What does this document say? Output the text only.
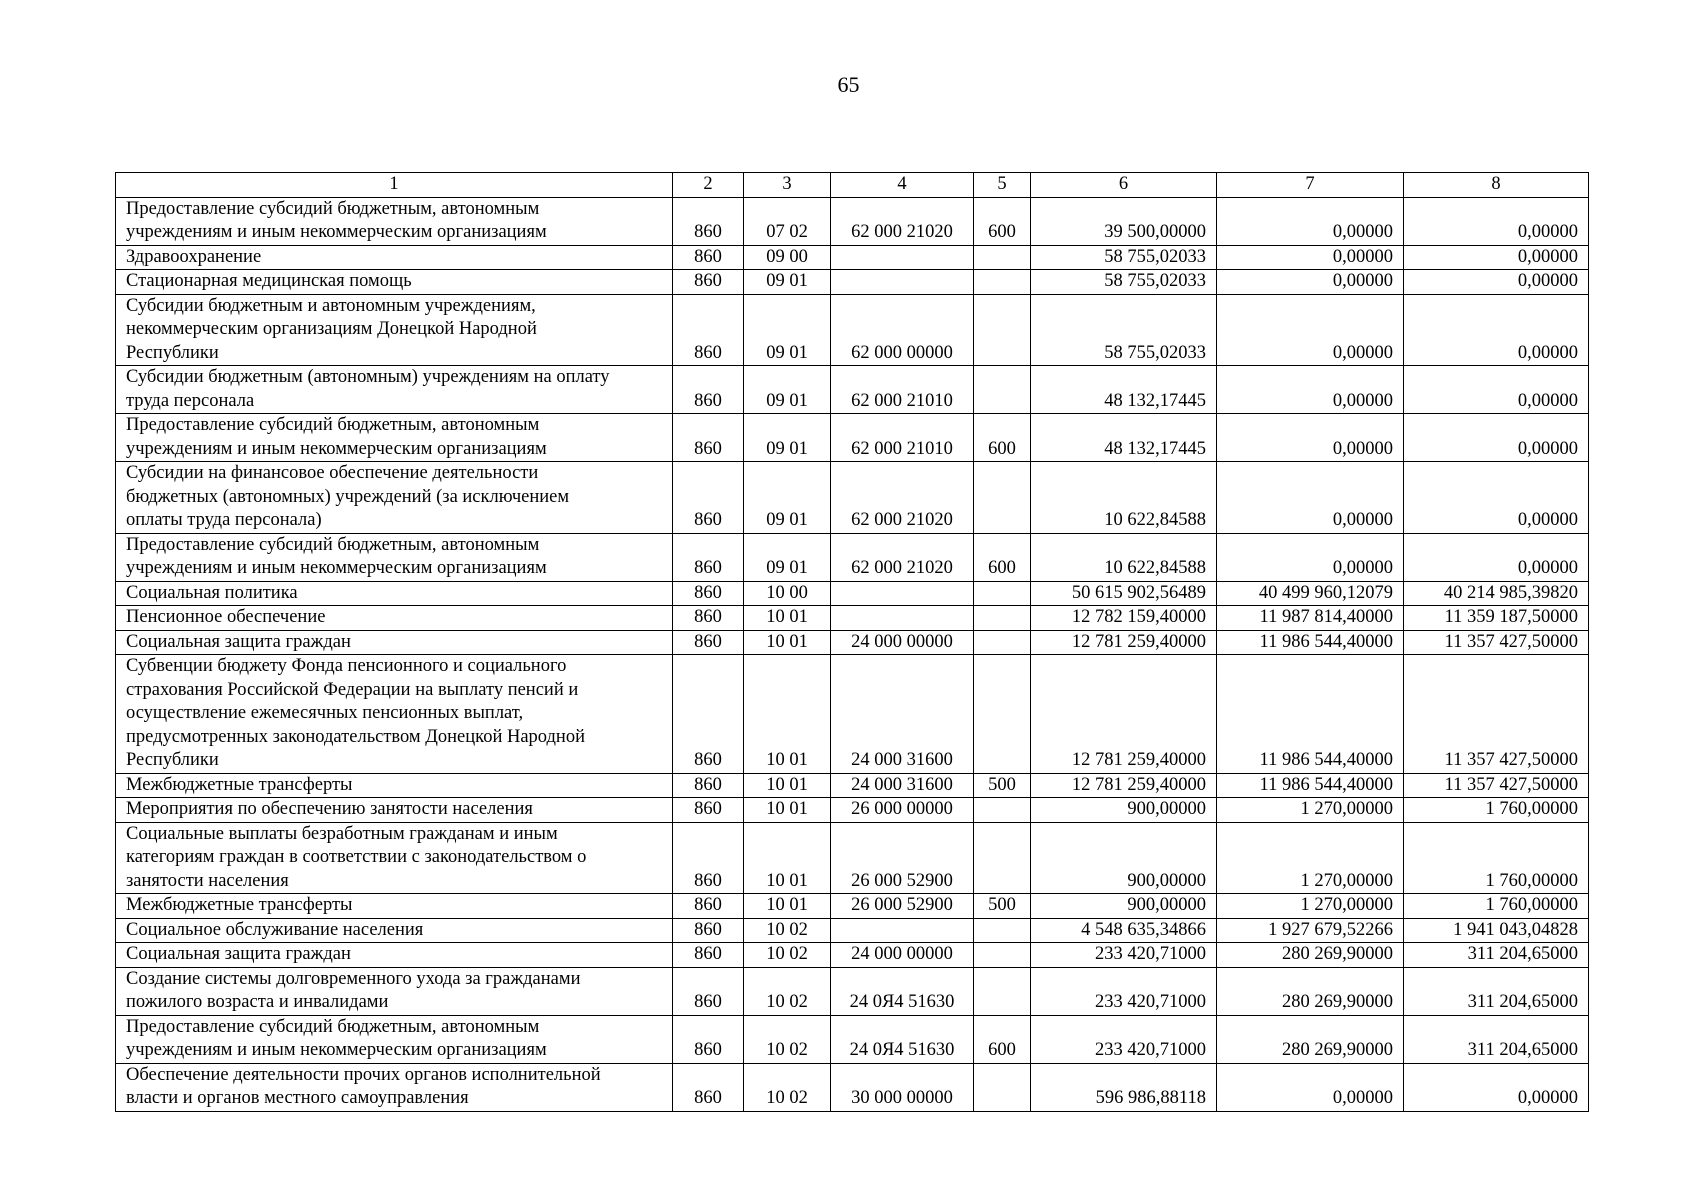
65
1	2	3	4	5	6	7	8

Предоставление субсидий бюджетным, автономным
учреждениям и иным некоммерческим организациям	860	07 02	62 000 21020	600	39 500,00000	0,00000	0,00000

Здравоохранение	860	09 00			58 755,02033	0,00000	0,00000

Стационарная медицинская помощь	860	09 01			58 755,02033	0,00000	0,00000

Субсидии бюджетным и автономным учреждениям,
некоммерческим организациям Донецкой Народной
Республики	860	09 01	62 000 00000		58 755,02033	0,00000	0,00000

Субсидии бюджетным (автономным) учреждениям на оплату
труда персонала	860	09 01	62 000 21010		48 132,17445	0,00000	0,00000

Предоставление субсидий бюджетным, автономным
учреждениям и иным некоммерческим организациям	860	09 01	62 000 21010	600	48 132,17445	0,00000	0,00000

Субсидии на финансовое обеспечение деятельности
бюджетных (автономных) учреждений (за исключением
оплаты труда персонала)	860	09 01	62 000 21020		10 622,84588	0,00000	0,00000

Предоставление субсидий бюджетным, автономным
учреждениям и иным некоммерческим организациям	860	09 01	62 000 21020	600	10 622,84588	0,00000	0,00000

Социальная политика	860	10 00			50 615 902,56489	40 499 960,12079	40 214 985,39820

Пенсионное обеспечение	860	10 01			12 782 159,40000	11 987 814,40000	11 359 187,50000

Социальная защита граждан	860	10 01	24 000 00000		12 781 259,40000	11 986 544,40000	11 357 427,50000

Субвенции бюджету Фонда пенсионного и социального
страхования Российской Федерации на выплату пенсий и
осуществление ежемесячных пенсионных выплат,
предусмотренных законодательством Донецкой Народной
Республики	860	10 01	24 000 31600		12 781 259,40000	11 986 544,40000	11 357 427,50000

Межбюджетные трансферты	860	10 01	24 000 31600	500	12 781 259,40000	11 986 544,40000	11 357 427,50000

Мероприятия по обеспечению занятости населения	860	10 01	26 000 00000		900,00000	1 270,00000	1 760,00000

Социальные выплаты безработным гражданам и иным
категориям граждан в соответствии с законодательством о
занятости населения	860	10 01	26 000 52900		900,00000	1 270,00000	1 760,00000

Межбюджетные трансферты	860	10 01	26 000 52900	500	900,00000	1 270,00000	1 760,00000

Социальное обслуживание населения	860	10 02			4 548 635,34866	1 927 679,52266	1 941 043,04828

Социальная защита граждан	860	10 02	24 000 00000		233 420,71000	280 269,90000	311 204,65000

Создание системы долговременного ухода за гражданами
пожилого возраста и инвалидами	860	10 02	24 0Я4 51630		233 420,71000	280 269,90000	311 204,65000

Предоставление субсидий бюджетным, автономным
учреждениям и иным некоммерческим организациям	860	10 02	24 0Я4 51630	600	233 420,71000	280 269,90000	311 204,65000

Обеспечение деятельности прочих органов исполнительной
власти и органов местного самоуправления	860	10 02	30 000 00000		596 986,88118	0,00000	0,00000
